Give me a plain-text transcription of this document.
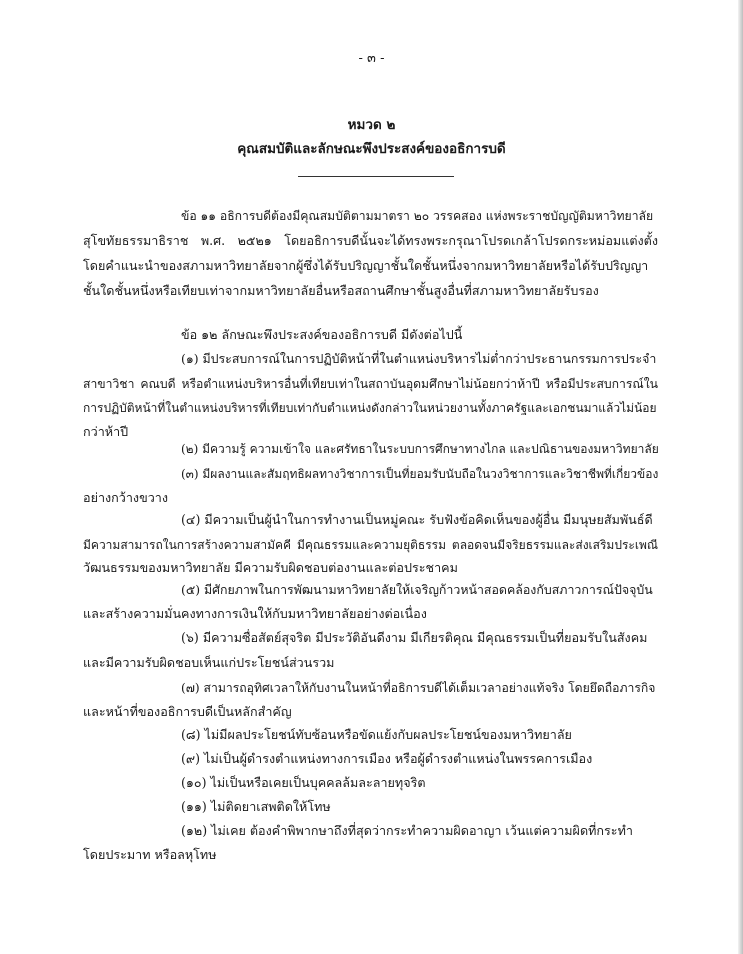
- ๓ -
หมวด ๒
คุณสมบัติและลักษณะพึงประสงค์ของอธิการบดี
ข้อ ๑๑ อธิการบดีต้องมีคุณสมบัติตามมาตรา ๒๐ วรรคสอง แห่งพระราชบัญญัติมหาวิทยาลัย
สุโขทัยธรรมาธิราช พ.ศ. ๒๕๒๑ โดยอธิการบดีนั้นจะได้ทรงพระกรุณาโปรดเกล้าโปรดกระหม่อมแต่งตั้ง
โดยคำแนะนำของสภามหาวิทยาลัยจากผู้ซึ่งได้รับปริญญาชั้นใดชั้นหนึ่งจากมหาวิทยาลัยหรือได้รับปริญญา
ชั้นใดชั้นหนึ่งหรือเทียบเท่าจากมหาวิทยาลัยอื่นหรือสถานศึกษาชั้นสูงอื่นที่สภามหาวิทยาลัยรับรอง
ข้อ ๑๒ ลักษณะพึงประสงค์ของอธิการบดี มีดังต่อไปนี้
(๑) มีประสบการณ์ในการปฏิบัติหน้าที่ในตำแหน่งบริหารไม่ต่ำกว่าประธานกรรมการประจำ
สาขาวิชา คณบดี หรือตำแหน่งบริหารอื่นที่เทียบเท่าในสถาบันอุดมศึกษาไม่น้อยกว่าห้าปี หรือมีประสบการณ์ใน
การปฏิบัติหน้าที่ในตำแหน่งบริหารที่เทียบเท่ากับตำแหน่งดังกล่าวในหน่วยงานทั้งภาครัฐและเอกชนมาแล้วไม่น้อย
กว่าห้าปี
(๒) มีความรู้ ความเข้าใจ และศรัทธาในระบบการศึกษาทางไกล และปณิธานของมหาวิทยาลัย
(๓) มีผลงานและสัมฤทธิผลทางวิชาการเป็นที่ยอมรับนับถือในวงวิชาการและวิชาชีพที่เกี่ยวข้อง
อย่างกว้างขวาง
(๔) มีความเป็นผู้นำในการทำงานเป็นหมู่คณะ รับฟังข้อคิดเห็นของผู้อื่น มีมนุษยสัมพันธ์ดี
มีความสามารถในการสร้างความสามัคคี มีคุณธรรมและความยุติธรรม ตลอดจนมีจริยธรรมและส่งเสริมประเพณี
วัฒนธรรมของมหาวิทยาลัย มีความรับผิดชอบต่องานและต่อประชาคม
(๕) มีศักยภาพในการพัฒนามหาวิทยาลัยให้เจริญก้าวหน้าสอดคล้องกับสภาวการณ์ปัจจุบัน
และสร้างความมั่นคงทางการเงินให้กับมหาวิทยาลัยอย่างต่อเนื่อง
(๖) มีความซื่อสัตย์สุจริต มีประวัติอันดีงาม มีเกียรติคุณ มีคุณธรรมเป็นที่ยอมรับในสังคม
และมีความรับผิดชอบเห็นแก่ประโยชน์ส่วนรวม
(๗) สามารถอุทิศเวลาให้กับงานในหน้าที่อธิการบดีได้เต็มเวลาอย่างแท้จริง โดยยึดถือภารกิจ
และหน้าที่ของอธิการบดีเป็นหลักสำคัญ
(๘) ไม่มีผลประโยชน์ทับซ้อนหรือขัดแย้งกับผลประโยชน์ของมหาวิทยาลัย
(๙) ไม่เป็นผู้ดำรงตำแหน่งทางการเมือง หรือผู้ดำรงตำแหน่งในพรรคการเมือง
(๑๐) ไม่เป็นหรือเคยเป็นบุคคลล้มละลายทุจริต
(๑๑) ไม่ติดยาเสพติดให้โทษ
(๑๒) ไม่เคย ต้องคำพิพากษาถึงที่สุดว่ากระทำความผิดอาญา เว้นแต่ความผิดที่กระทำ
โดยประมาท หรือลหุโทษ
